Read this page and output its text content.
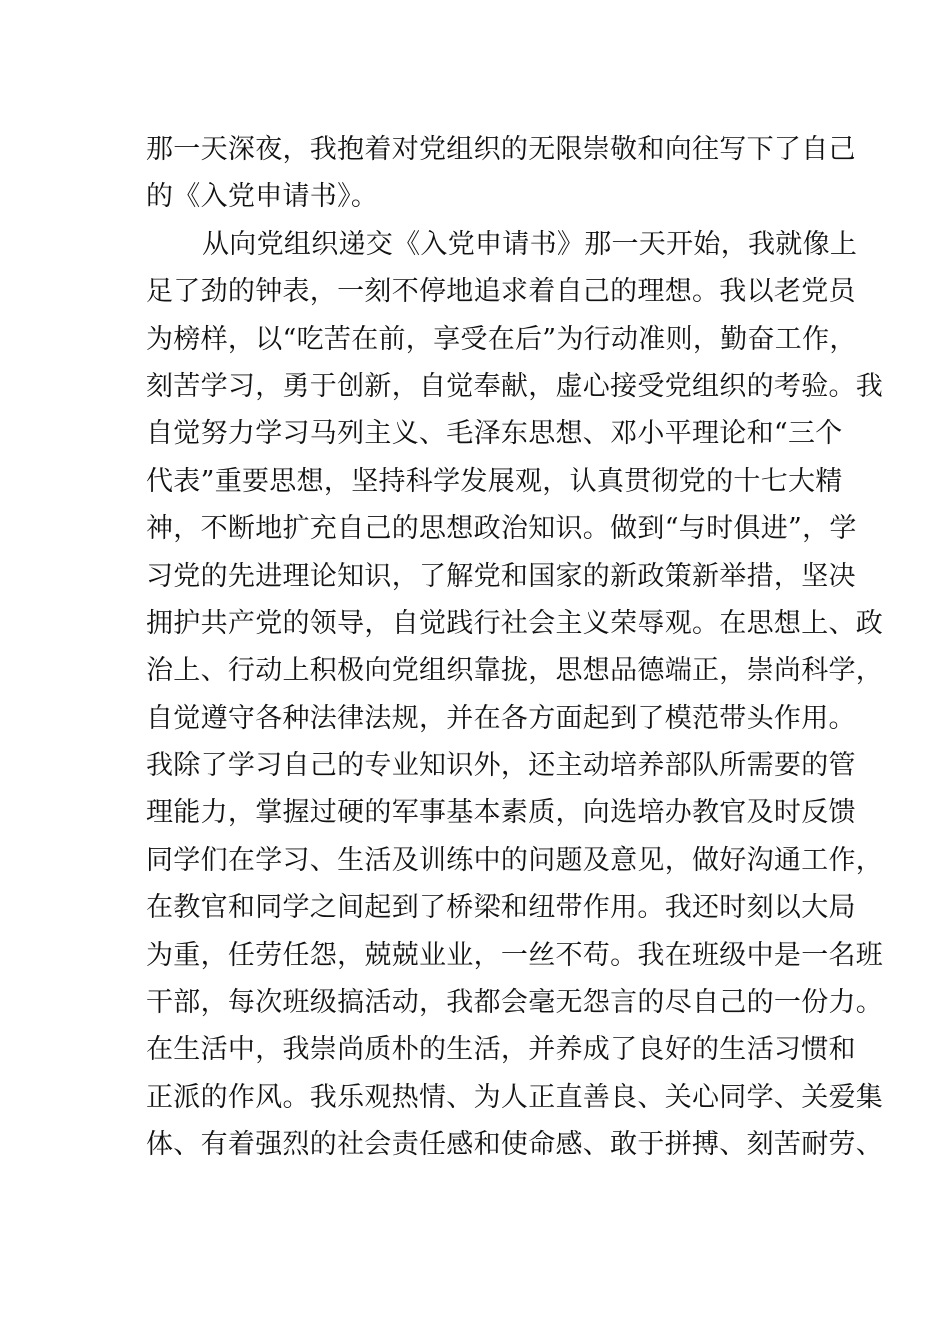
那一天深夜，我抱着对党组织的无限崇敬和向往写下了自己
的《入党申请书》。
从向党组织递交《入党申请书》那一天开始，我就像上
足了劲的钟表，一刻不停地追求着自己的理想。我以老党员
为榜样，以“吃苦在前，享受在后”为行动准则，勤奋工作，
刻苦学习，勇于创新，自觉奉献，虚心接受党组织的考验。我
自觉努力学习马列主义、毛泽东思想、邓小平理论和“三个
代表”重要思想，坚持科学发展观，认真贯彻党的十七大精
神，不断地扩充自己的思想政治知识。做到“与时俱进”，学
习党的先进理论知识，了解党和国家的新政策新举措，坚决
拥护共产党的领导，自觉践行社会主义荣辱观。在思想上、政
治上、行动上积极向党组织靠拢，思想品德端正，崇尚科学，
自觉遵守各种法律法规，并在各方面起到了模范带头作用。
我除了学习自己的专业知识外，还主动培养部队所需要的管
理能力，掌握过硬的军事基本素质，向选培办教官及时反馈
同学们在学习、生活及训练中的问题及意见，做好沟通工作，
在教官和同学之间起到了桥梁和纽带作用。我还时刻以大局
为重，任劳任怨，兢兢业业，一丝不苟。我在班级中是一名班
干部，每次班级搞活动，我都会毫无怨言的尽自己的一份力。
在生活中，我崇尚质朴的生活，并养成了良好的生活习惯和
正派的作风。我乐观热情、为人正直善良、关心同学、关爱集
体、有着强烈的社会责任感和使命感、敢于拼搏、刻苦耐劳、
